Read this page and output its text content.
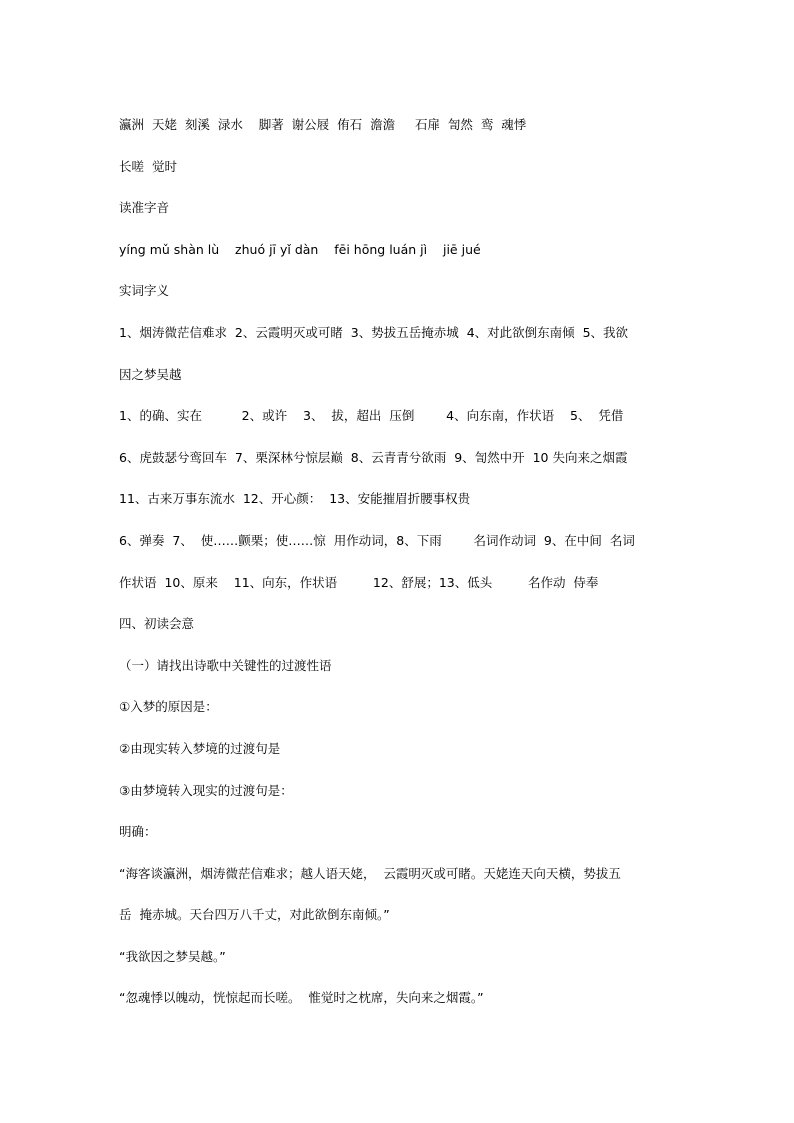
瀛洲  天姥  刻溪  渌水    脚著  谢公屐  侑石  澹澹     石扉  訇然  鸾  魂悸

长嗟  觉时

读准字音

yíng mǔ shàn lù    zhuó jī yǐ dàn    fēi hōng luán jì    jiē jué

实词字义

1、烟涛微茫信难求  2、云霞明灭或可睹  3、势拔五岳掩赤城  4、对此欲倒东南倾  5、我欲

因之梦吴越

1、的确、实在          2、或许    3、  拔，超出  压倒        4、向东南，作状语    5、  凭借

6、虎鼓瑟兮鸾回车  7、栗深林兮惊层巅  8、云青青兮欲雨  9、訇然中开  10 失向来之烟霞

11、古来万事东流水  12、开心颜：  13、安能摧眉折腰事权贵

6、弹奏  7、  使……颤栗；使……惊  用作动词，8、下雨        名词作动词  9、在中间  名词

作状语  10、原来    11、向东，作状语         12、舒展；13、低头         名作动  侍奉

四、初读会意

（一）请找出诗歌中关键性的过渡性语

①入梦的原因是：

②由现实转入梦境的过渡句是

③由梦境转入现实的过渡句是：

明确：

“海客谈瀛洲，烟涛微茫信难求；越人语天姥，  云霞明灭或可睹。天姥连天向天横，势拔五

岳  掩赤城。天台四万八千丈，对此欲倒东南倾。”

“我欲因之梦吴越。”

“忽魂悸以魄动，恍惊起而长嗟。  惟觉时之枕席，失向来之烟霞。”
